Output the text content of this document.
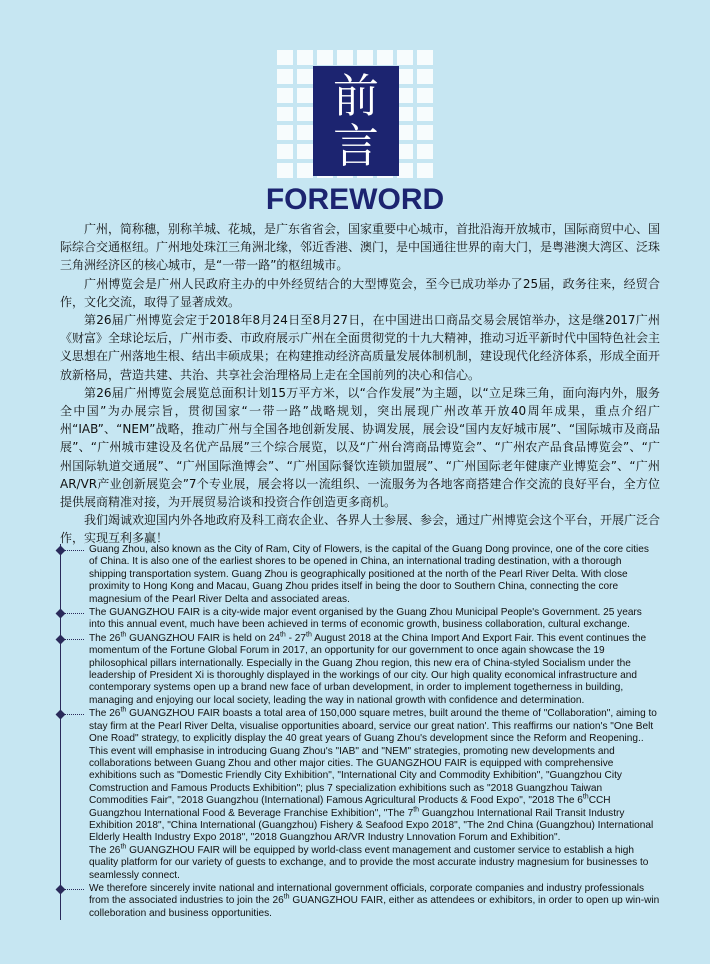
前
言
FOREWORD

广州，简称穗，别称羊城、花城，是广东省省会，国家重要中心城市，首批沿海开放城市，国际商贸中心、国际综合交通枢纽。广州地处珠江三角洲北缘，邻近香港、澳门，是中国通往世界的南大门，是粤港澳大湾区、泛珠三角洲经济区的核心城市，是“一带一路”的枢纽城市。

广州博览会是广州人民政府主办的中外经贸结合的大型博览会，至今已成功举办了25届，政务往来，经贸合作，文化交流，取得了显著成效。

第26届广州博览会定于2018年8月24日至8月27日，在中国进出口商品交易会展馆举办，这是继2017广州《财富》全球论坛后，广州市委、市政府展示广州在全面贯彻党的十九大精神，推动习近平新时代中国特色社会主义思想在广州落地生根、结出丰硕成果；在构建推动经济高质量发展体制机制，建设现代化经济体系，形成全面开放新格局，营造共建、共治、共享社会治理格局上走在全国前列的决心和信心。

第26届广州博览会展览总面积计划15万平方米，以“合作发展”为主题，以“立足珠三角，面向海内外，服务全中国”为办展宗旨，贯彻国家“一带一路”战略规划，突出展现广州改革开放40周年成果，重点介绍广州“IAB”、“NEM”战略，推动广州与全国各地创新发展、协调发展，展会设“国内友好城市展”、“国际城市及商品展”、“广州城市建设及名优产品展”三个综合展览，以及“广州台湾商品博览会”、“广州农产品食品博览会”、“广州国际轨道交通展”、“广州国际渔博会”、“广州国际餐饮连锁加盟展”、“广州国际老年健康产业博览会”、“广州AR/VR产业创新展览会”7个专业展，展会将以一流组织、一流服务为各地客商搭建合作交流的良好平台，全方位提供展商精准对接，为开展贸易洽谈和投资合作创造更多商机。

我们竭诚欢迎国内外各地政府及科工商农企业、各界人士参展、参会，通过广州博览会这个平台，开展广泛合作，实现互利多赢！

Guang Zhou, also known as the City of Ram, City of Flowers, is the capital of the Guang Dong province, one of the core cities of China. It is also one of the earliest shores to be opened in China, an international trading destination, with a thorough shipping transportation system. Guang Zhou is geographically positioned at the north of the Pearl River Delta. With close proximity to Hong Kong and Macau, Guang Zhou prides itself in being the door to Southern China, connecting the core magnesium of the Pearl River Delta and associated areas.

The GUANGZHOU FAIR is a city-wide major event organised by the Guang Zhou Municipal People's Government. 25 years into this annual event, much have been achieved in terms of economic growth, business collaboration, cultural exchange.

The 26th GUANGZHOU FAIR is held on 24th - 27th August 2018 at the China Import And Export Fair. This event continues the momentum of the Fortune Global Forum in 2017, an opportunity for our government to once again showcase the 19 philosophical pillars internationally. Especially in the Guang Zhou region, this new era of China-styled Socialism under the leadership of President Xi is thoroughly displayed in the workings of our city. Our high quality economical infrastructure and contemporary systems open up a brand new face of urban development, in order to implement togetherness in building, managing and enjoying our local society, leading the way in national growth with confidence and determination.

The 26th GUANGZHOU FAIR boasts a total area of 150,000 square metres, built around the theme of "Collaboration", aiming to stay firm at the Pearl River Delta, visualise opportunities aboard, service our great nation'. This reaffirms our nation's "One Belt One Road" strategy, to explicitly display the 40 great years of Guang Zhou's development since the Reform and Reopening.. This event will emphasise in introducing Guang Zhou's "IAB" and "NEM" strategies, promoting new developments and collaborations between Guang Zhou and other major cities. The GUANGZHOU FAIR is equipped with comprehensive exhibitions such as "Domestic Friendly City Exhibition", "International City and Commodity Exhibition", "Guangzhou City Comstruction and Famous Products Exhibition"; plus 7 specialization exhibitions such as "2018 Guangzhou Taiwan Commodities Fair", "2018 Guangzhou (International) Famous Agricultural Products & Food Expo", "2018 The 6thCCH Guangzhou International Food & Beverage Franchise Exhibition", "The 7th Guangzhou International Rail Transit Industry Exhibition 2018", "China International (Guangzhou) Fishery & Seafood Expo 2018", "The 2nd China (Guangzhou) International Elderly Health Industry Expo 2018", "2018 Guangzhou AR/VR Industry Lnnovation Forum and Exhibition".

The 26th GUANGZHOU FAIR will be equipped by world-class event management and customer service to establish a high quality platform for our variety of guests to exchange, and to provide the most accurate industry magnesium for businesses to seamlessly connect.

We therefore sincerely invite national and international government officials, corporate companies and industry professionals from the associated industries to join the 26th GUANGZHOU FAIR, either as attendees or exhibitors, in order to open up win-win colleboration and business opportunities.
